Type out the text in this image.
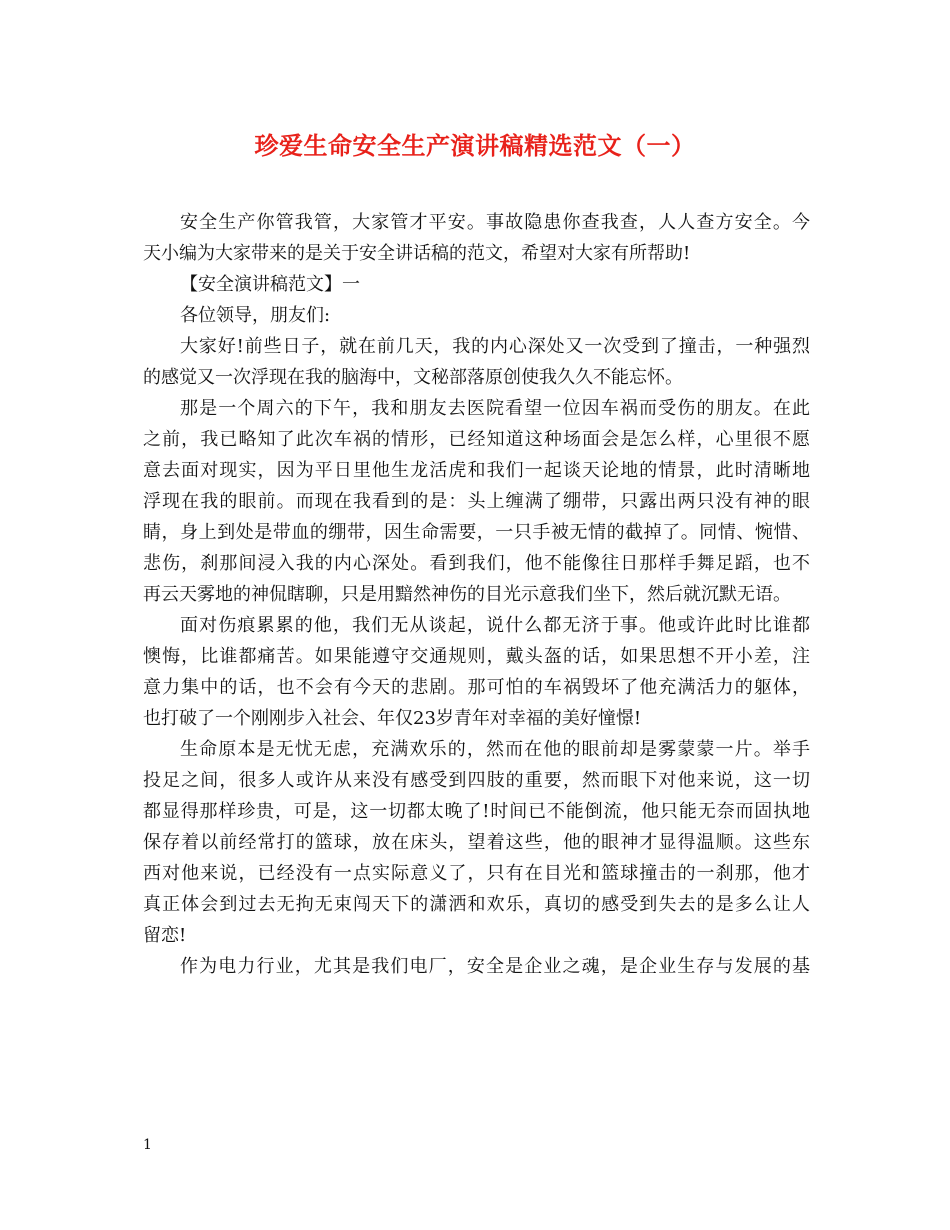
珍爱生命安全生产演讲稿精选范文（一）
安全生产你管我管，大家管才平安。事故隐患你查我查，人人查方安全。今
天小编为大家带来的是关于安全讲话稿的范文，希望对大家有所帮助!
【安全演讲稿范文】一
各位领导，朋友们:
大家好!前些日子，就在前几天，我的内心深处又一次受到了撞击，一种强烈
的感觉又一次浮现在我的脑海中，文秘部落原创使我久久不能忘怀。
那是一个周六的下午，我和朋友去医院看望一位因车祸而受伤的朋友。在此
之前，我已略知了此次车祸的情形，已经知道这种场面会是怎么样，心里很不愿
意去面对现实，因为平日里他生龙活虎和我们一起谈天论地的情景，此时清晰地
浮现在我的眼前。而现在我看到的是：头上缠满了绷带，只露出两只没有神的眼
睛，身上到处是带血的绷带，因生命需要，一只手被无情的截掉了。同情、惋惜、
悲伤，刹那间浸入我的内心深处。看到我们，他不能像往日那样手舞足蹈，也不
再云天雾地的神侃瞎聊，只是用黯然神伤的目光示意我们坐下，然后就沉默无语。
面对伤痕累累的他，我们无从谈起，说什么都无济于事。他或许此时比谁都
懊悔，比谁都痛苦。如果能遵守交通规则，戴头盔的话，如果思想不开小差，注
意力集中的话，也不会有今天的悲剧。那可怕的车祸毁坏了他充满活力的躯体，
也打破了一个刚刚步入社会、年仅23岁青年对幸福的美好憧憬!
生命原本是无忧无虑，充满欢乐的，然而在他的眼前却是雾蒙蒙一片。举手
投足之间，很多人或许从来没有感受到四肢的重要，然而眼下对他来说，这一切
都显得那样珍贵，可是，这一切都太晚了!时间已不能倒流，他只能无奈而固执地
保存着以前经常打的篮球，放在床头，望着这些，他的眼神才显得温顺。这些东
西对他来说，已经没有一点实际意义了，只有在目光和篮球撞击的一刹那，他才
真正体会到过去无拘无束闯天下的潇洒和欢乐，真切的感受到失去的是多么让人
留恋!
作为电力行业，尤其是我们电厂，安全是企业之魂，是企业生存与发展的基
1
